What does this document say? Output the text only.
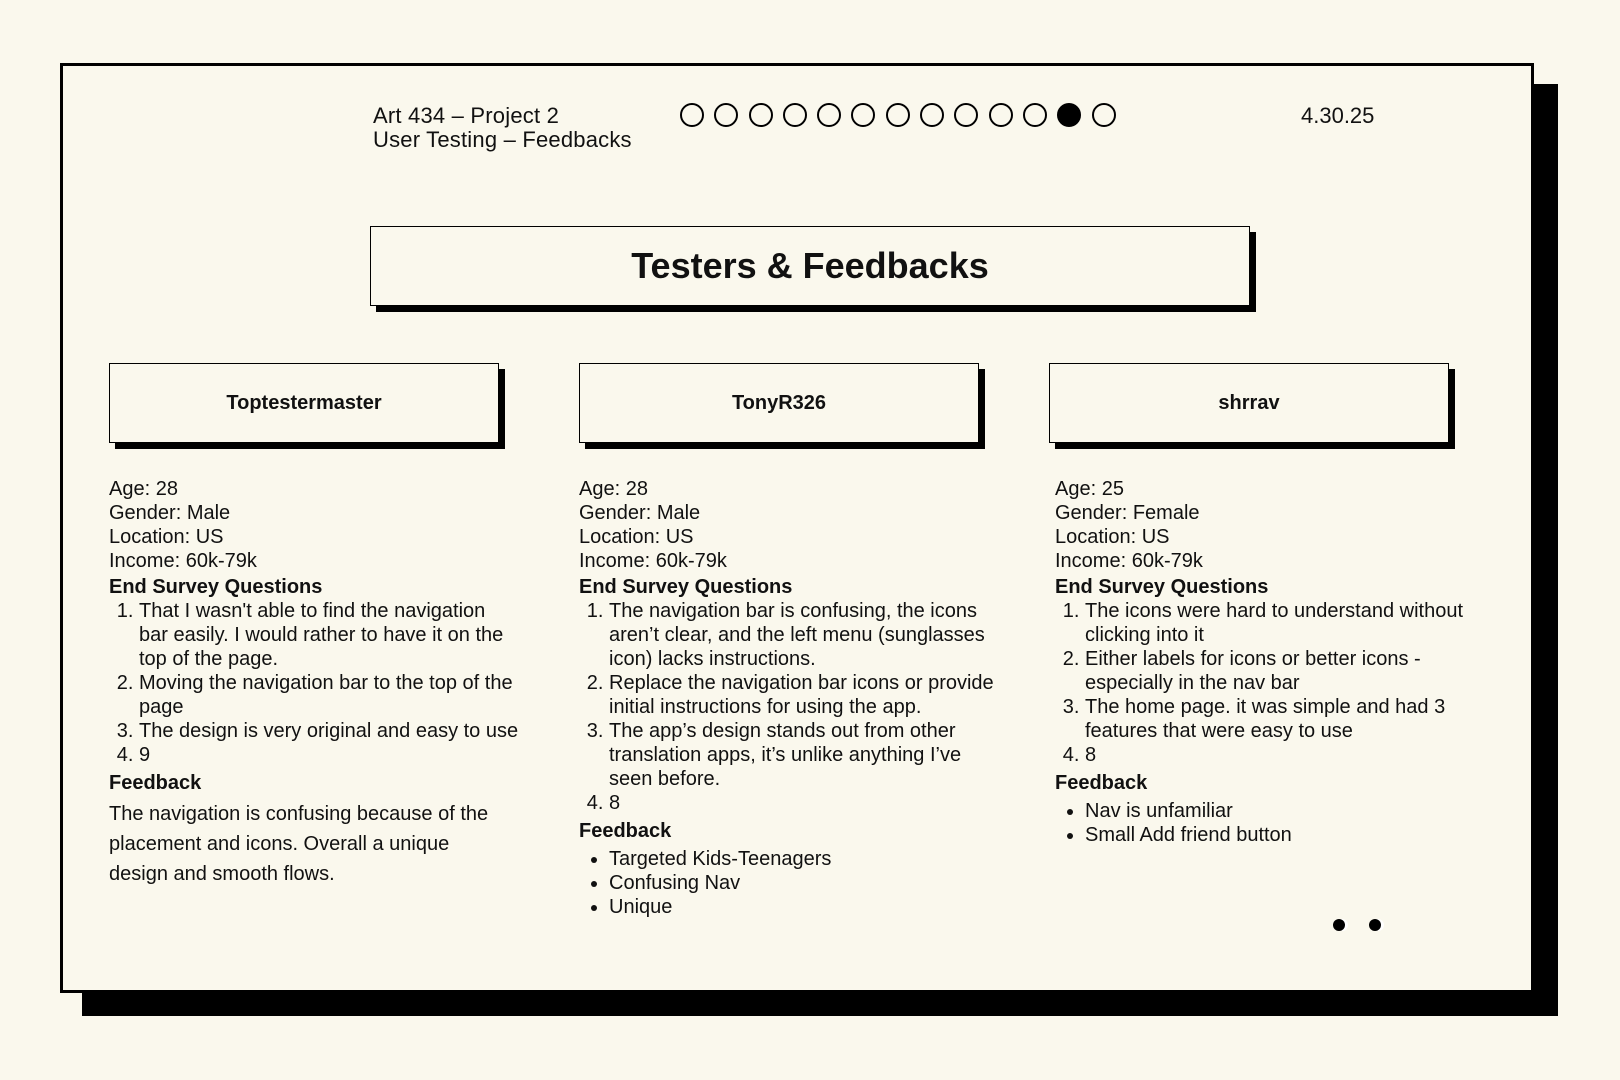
Art 434 – Project 2
User Testing – Feedbacks
4.30.25
Testers & Feedbacks
Toptestermaster
Age: 28
Gender: Male
Location: US
Income: 60k-79k
End Survey Questions
1. That I wasn't able to find the navigation bar easily. I would rather to have it on the top of the page.
2. Moving the navigation bar to the top of the page
3. The design is very original and easy to use
4. 9
Feedback
The navigation is confusing because of the placement and icons. Overall a unique design and smooth flows.
TonyR326
Age: 28
Gender: Male
Location: US
Income: 60k-79k
End Survey Questions
1. The navigation bar is confusing, the icons aren’t clear, and the left menu (sunglasses icon) lacks instructions.
2. Replace the navigation bar icons or provide initial instructions for using the app.
3. The app’s design stands out from other translation apps, it’s unlike anything I’ve seen before.
4. 8
Feedback
• Targeted Kids-Teenagers
• Confusing Nav
• Unique
shrrav
Age: 25
Gender: Female
Location: US
Income: 60k-79k
End Survey Questions
1. The icons were hard to understand without clicking into it
2. Either labels for icons or better icons - especially in the nav bar
3. The home page. it was simple and had 3 features that were easy to use
4. 8
Feedback
• Nav is unfamiliar
• Small Add friend button
